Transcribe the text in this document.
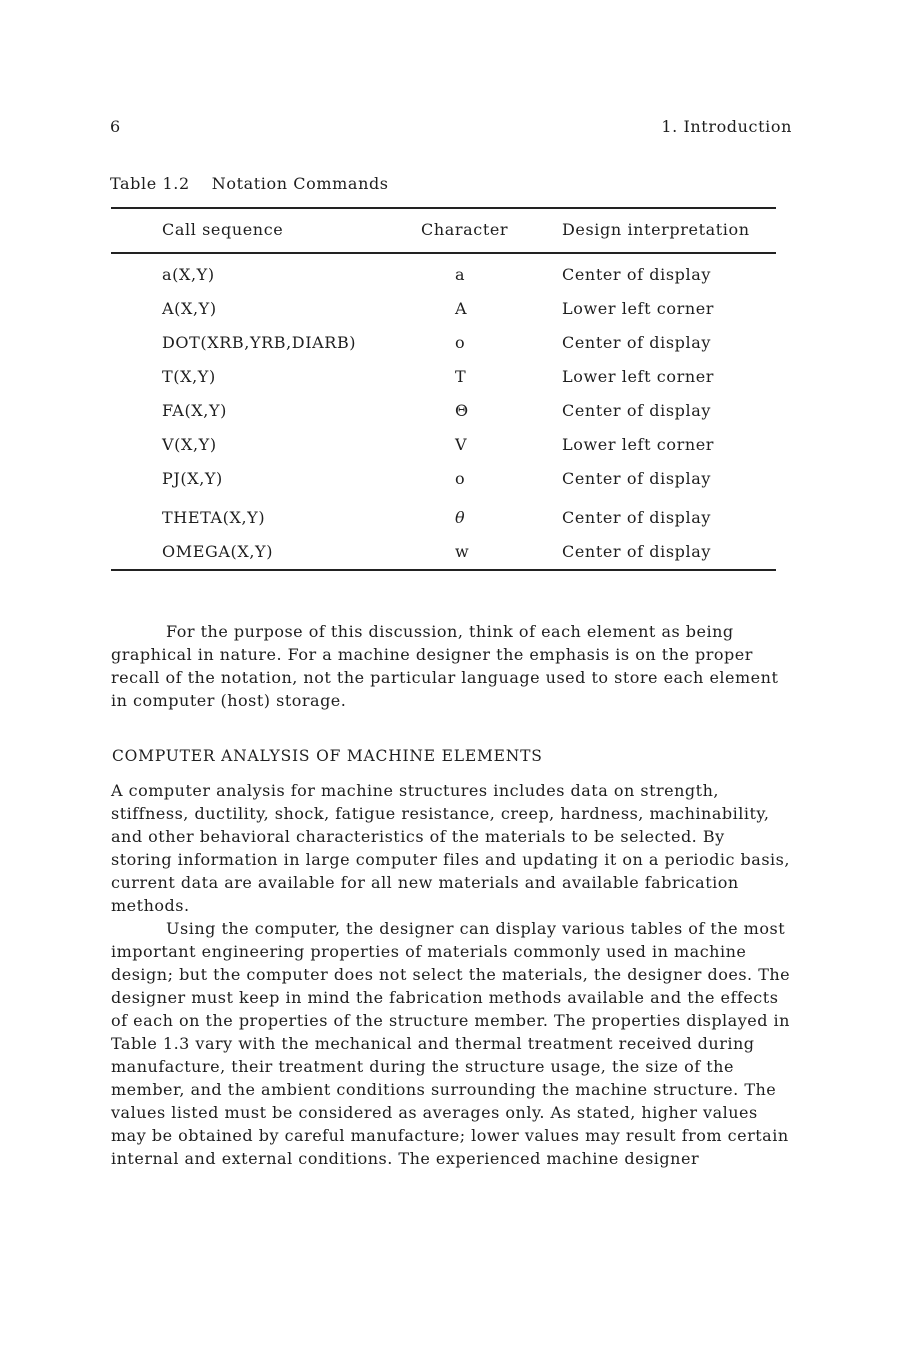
6	1. Introduction
Table 1.2 Notation Commands
Call sequence	Character	Design interpretation
a(X,Y)	a	Center of display
A(X,Y)	A	Lower left corner
DOT(XRB,YRB,DIARB)	o	Center of display
T(X,Y)	T	Lower left corner
FA(X,Y)	Θ	Center of display
V(X,Y)	V	Lower left corner
PJ(X,Y)	o	Center of display
THETA(X,Y)	θ	Center of display
OMEGA(X,Y)	w	Center of display

For the purpose of this discussion, think of each element as being graphical in nature. For a machine designer the emphasis is on the proper recall of the notation, not the particular language used to store each element in computer (host) storage.

COMPUTER ANALYSIS OF MACHINE ELEMENTS

A computer analysis for machine structures includes data on strength, stiffness, ductility, shock, fatigue resistance, creep, hardness, machinability, and other behavioral characteristics of the materials to be selected. By storing information in large computer files and updating it on a periodic basis, current data are available for all new materials and available fabrication methods.

Using the computer, the designer can display various tables of the most important engineering properties of materials commonly used in machine design; but the computer does not select the materials, the designer does. The designer must keep in mind the fabrication methods available and the effects of each on the properties of the structure member. The properties displayed in Table 1.3 vary with the mechanical and thermal treatment received during manufacture, their treatment during the structure usage, the size of the member, and the ambient conditions surrounding the machine structure. The values listed must be considered as averages only. As stated, higher values may be obtained by careful manufacture; lower values may result from certain internal and external conditions. The experienced machine designer
